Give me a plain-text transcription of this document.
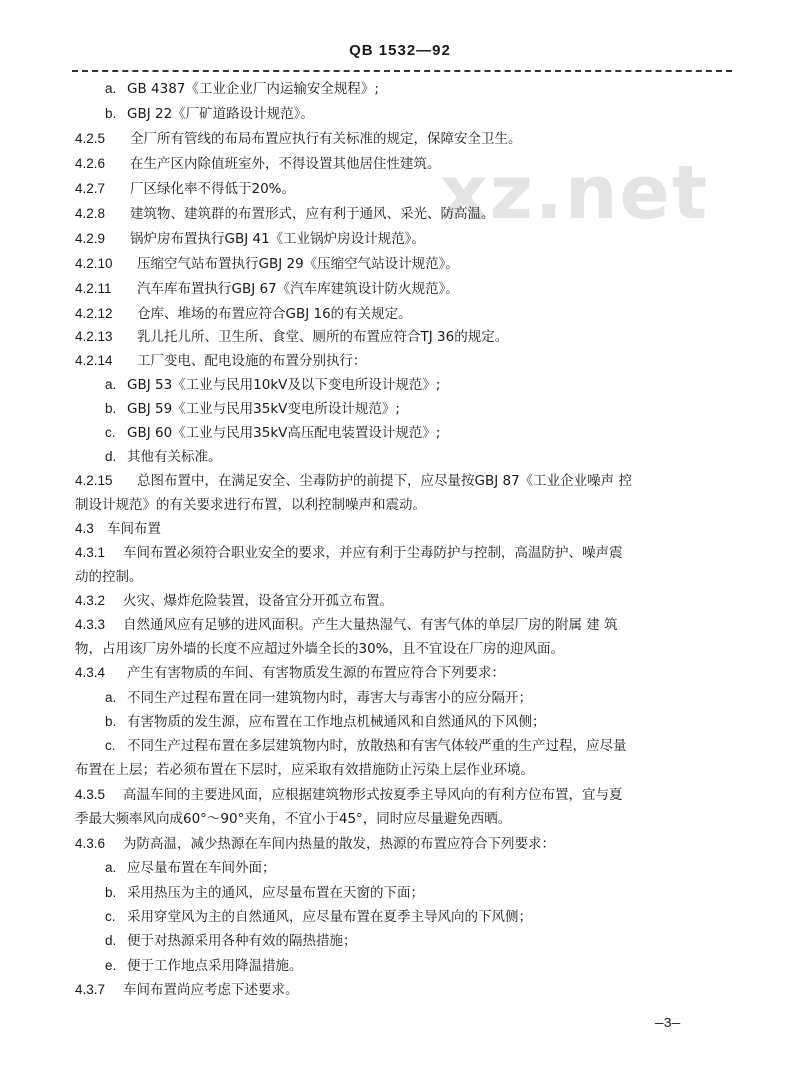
QB 1532—92
xz.net
a. GB 4387《工业企业厂内运输安全规程》;
b. GBJ 22《厂矿道路设计规范》。
4.2.5 全厂所有管线的布局布置应执行有关标准的规定，保障安全卫生。
4.2.6 在生产区内除值班室外，不得设置其他居住性建筑。
4.2.7 厂区绿化率不得低于20%。
4.2.8 建筑物、建筑群的布置形式，应有利于通风、采光、防高温。
4.2.9 锅炉房布置执行GBJ 41《工业锅炉房设计规范》。
4.2.10 压缩空气站布置执行GBJ 29《压缩空气站设计规范》。
4.2.11 汽车库布置执行GBJ 67《汽车库建筑设计防火规范》。
4.2.12 仓库、堆场的布置应符合GBJ 16的有关规定。
4.2.13 乳儿托儿所、卫生所、食堂、厕所的布置应符合TJ 36的规定。
4.2.14 工厂变电、配电设施的布置分别执行：
a. GBJ 53《工业与民用10kV及以下变电所设计规范》;
b. GBJ 59《工业与民用35kV变电所设计规范》;
c. GBJ 60《工业与民用35kV高压配电装置设计规范》;
d. 其他有关标准。
4.2.15 总图布置中，在满足安全、尘毒防护的前提下，应尽量按GBJ 87《工业企业噪声 控
制设计规范》的有关要求进行布置，以利控制噪声和震动。
4.3 车间布置
4.3.1 车间布置必须符合职业安全的要求，并应有利于尘毒防护与控制，高温防护、噪声震
动的控制。
4.3.2 火灾、爆炸危险装置，设备宜分开孤立布置。
4.3.3 自然通风应有足够的进风面积。产生大量热湿气、有害气体的单层厂房的附属 建 筑
物，占用该厂房外墙的长度不应超过外墙全长的30%，且不宜设在厂房的迎风面。
4.3.4 产生有害物质的车间、有害物质发生源的布置应符合下列要求：
a. 不同生产过程布置在同一建筑物内时，毒害大与毒害小的应分隔开；
b. 有害物质的发生源，应布置在工作地点机械通风和自然通风的下风侧；
c. 不同生产过程布置在多层建筑物内时，放散热和有害气体较严重的生产过程，应尽量
布置在上层；若必须布置在下层时，应采取有效措施防止污染上层作业环境。
4.3.5 高温车间的主要进风面，应根据建筑物形式按夏季主导风向的有利方位布置，宜与夏
季最大频率风向成60°～90°夹角，不宜小于45°，同时应尽量避免西晒。
4.3.6 为防高温，减少热源在车间内热量的散发，热源的布置应符合下列要求：
a. 应尽量布置在车间外面；
b. 采用热压为主的通风，应尽量布置在天窗的下面；
c. 采用穿堂风为主的自然通风，应尽量布置在夏季主导风向的下风侧；
d. 便于对热源采用各种有效的隔热措施；
e. 便于工作地点采用降温措施。
4.3.7 车间布置尚应考虑下述要求。
—3—
